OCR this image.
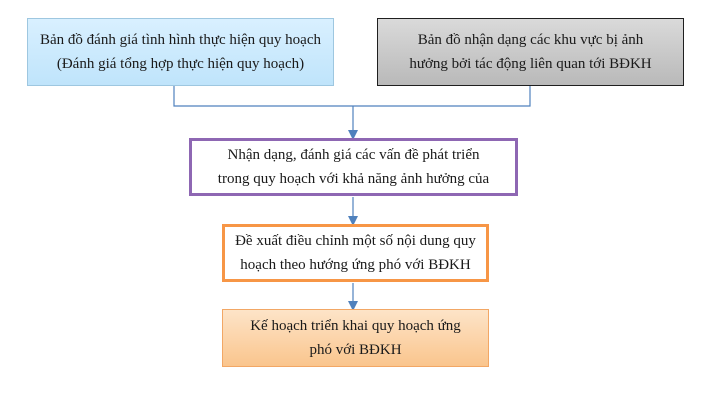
Bản đồ đánh giá tình hình thực hiện quy hoạch
(Đánh giá tổng hợp thực hiện quy hoạch)
Bản đồ nhận dạng các khu vực bị ảnh
hưởng bởi tác động liên quan tới BĐKH
Nhận dạng, đánh giá các vấn đề phát triển
trong quy hoạch với khả năng ảnh hưởng của
Đề xuất điều chỉnh một số nội dung quy
hoạch theo hướng ứng phó với BĐKH
Kế hoạch triển khai quy hoạch ứng
phó với BĐKH
